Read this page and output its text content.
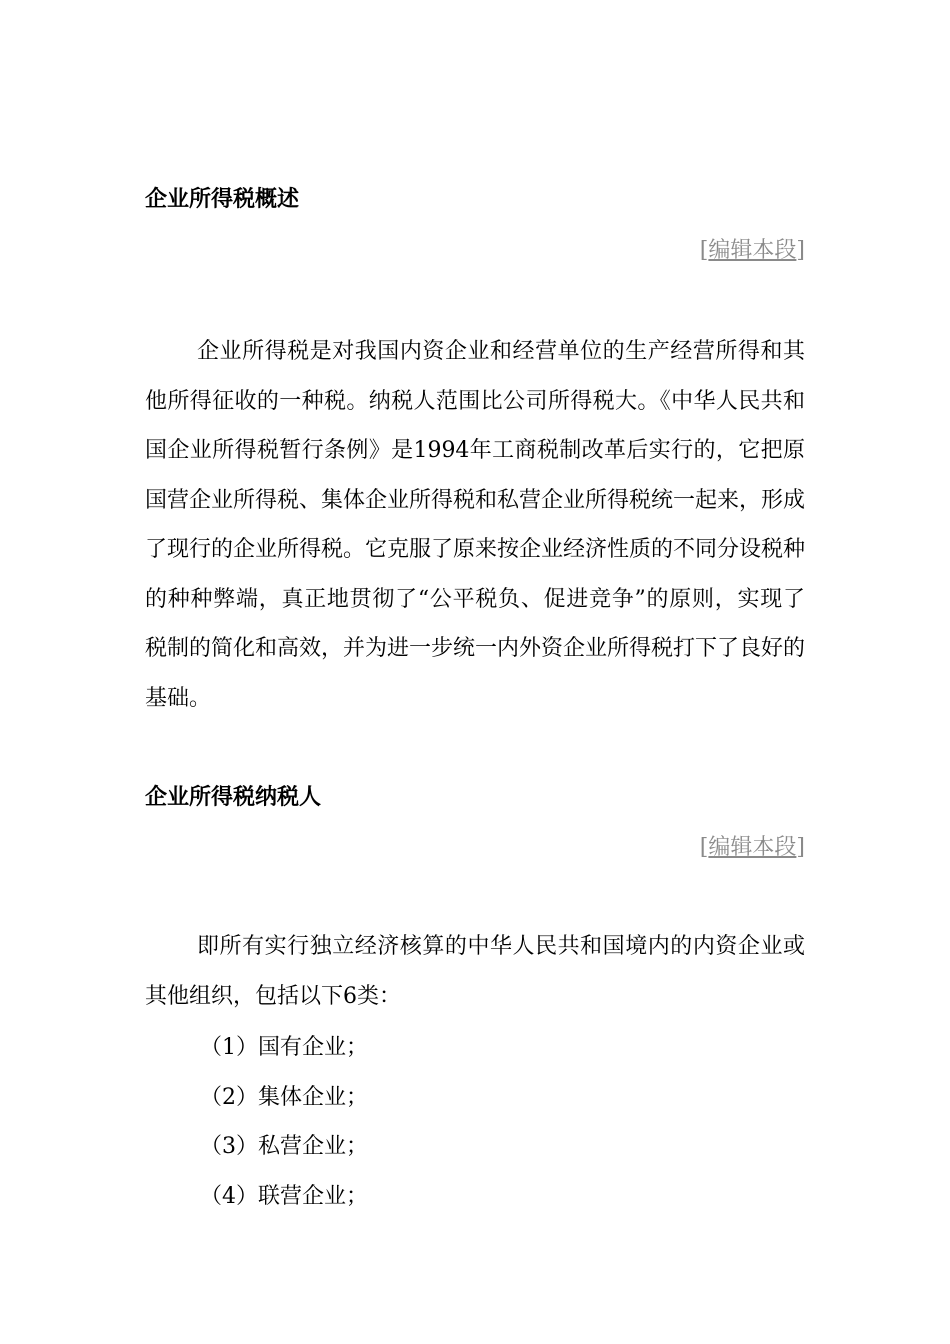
企业所得税概述
[编辑本段]

企业所得税是对我国内资企业和经营单位的生产经营所得和其他所得征收的一种税。纳税人范围比公司所得税大。《中华人民共和国企业所得税暂行条例》是1994年工商税制改革后实行的，它把原国营企业所得税、集体企业所得税和私营企业所得税统一起来，形成了现行的企业所得税。它克服了原来按企业经济性质的不同分设税种的种种弊端，真正地贯彻了“公平税负、促进竞争”的原则，实现了税制的简化和高效，并为进一步统一内外资企业所得税打下了良好的基础。

企业所得税纳税人
[编辑本段]

即所有实行独立经济核算的中华人民共和国境内的内资企业或其他组织，包括以下6类：

（1）国有企业；

（2）集体企业；

（3）私营企业；

（4）联营企业；
